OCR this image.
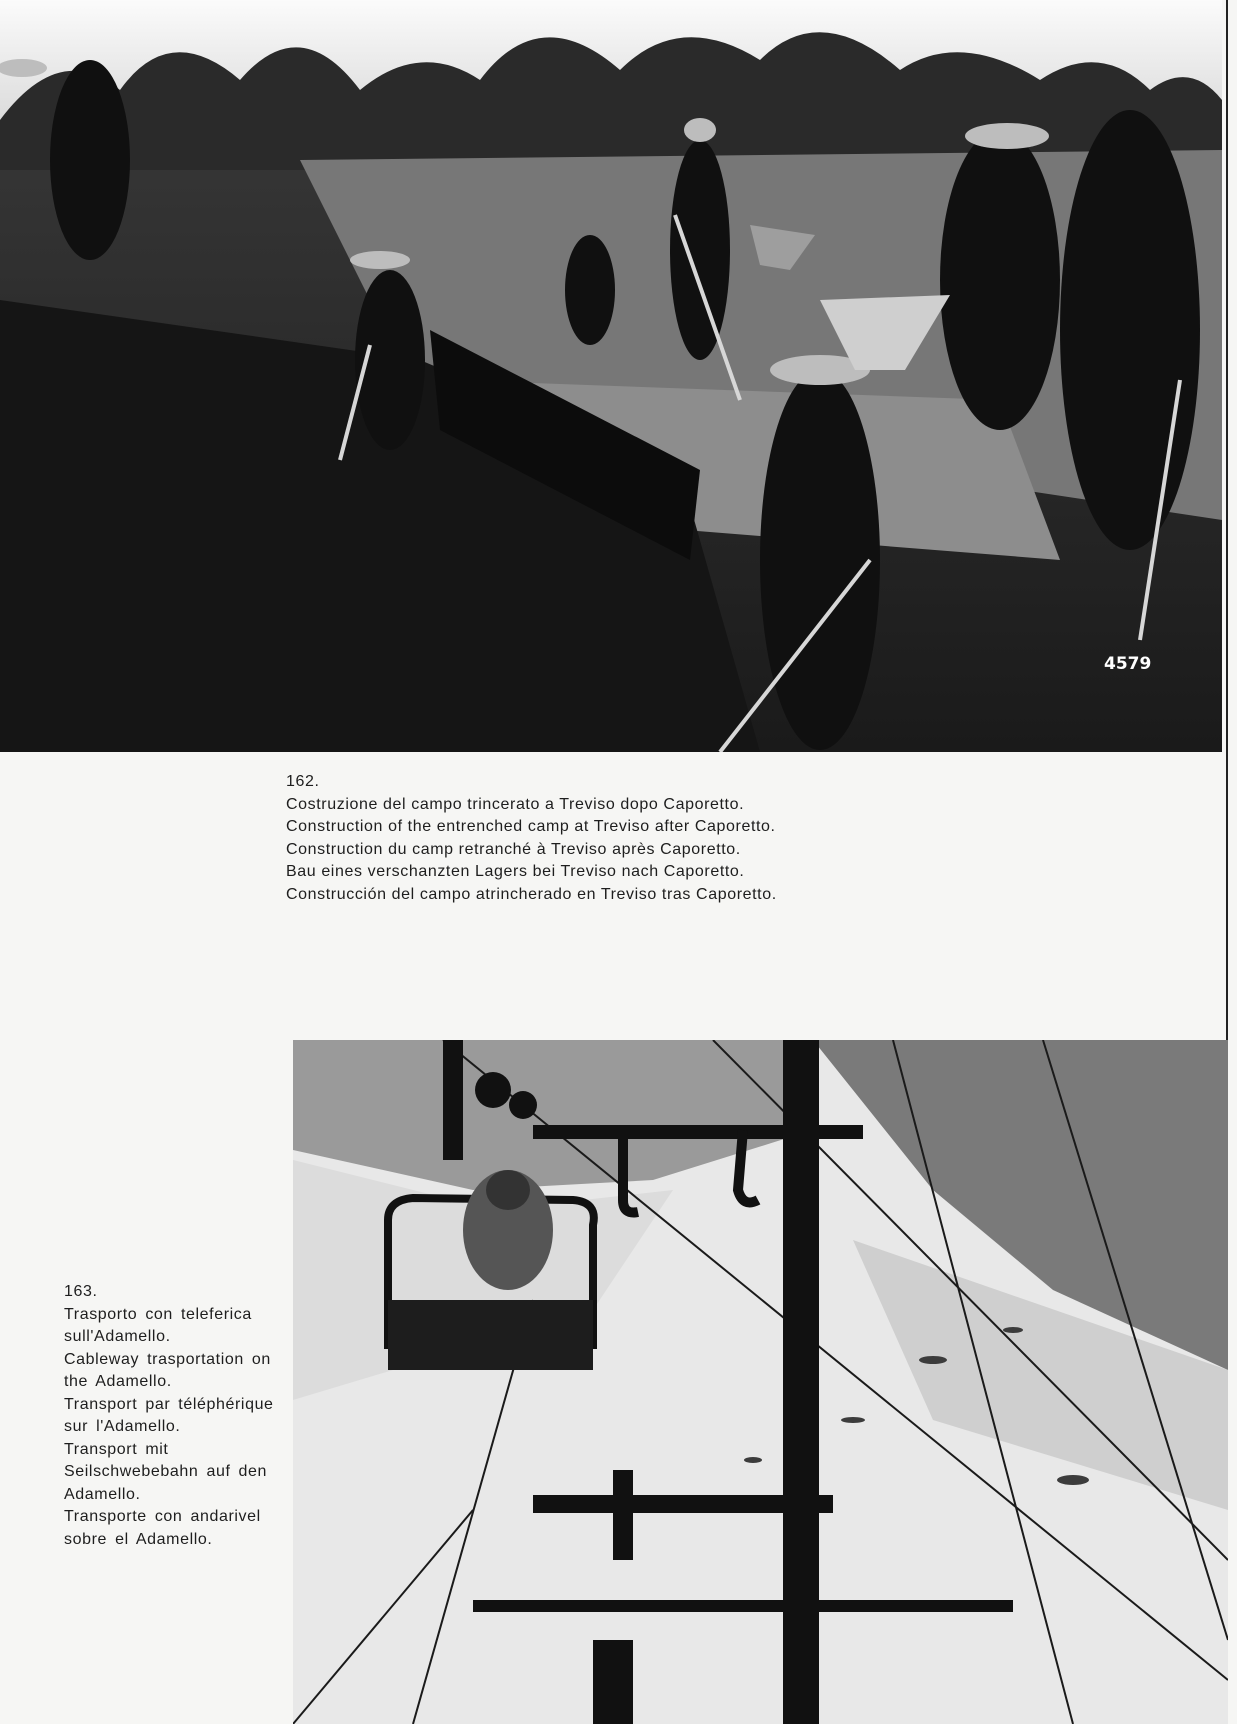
4579
162.
Costruzione del campo trincerato a Treviso dopo Caporetto.
Construction of the entrenched camp at Treviso after Caporetto.
Construction du camp retranché à Treviso après Caporetto.
Bau eines verschanzten Lagers bei Treviso nach Caporetto.
Construcción del campo atrincherado en Treviso tras Caporetto.
163.
Trasporto con teleferica sull'Adamello.
Cableway trasportation on the Adamello.
Transport par téléphérique sur l'Adamello.
Transport mit Seilschwebebahn auf den Adamello.
Transporte con andarivel sobre el Adamello.
